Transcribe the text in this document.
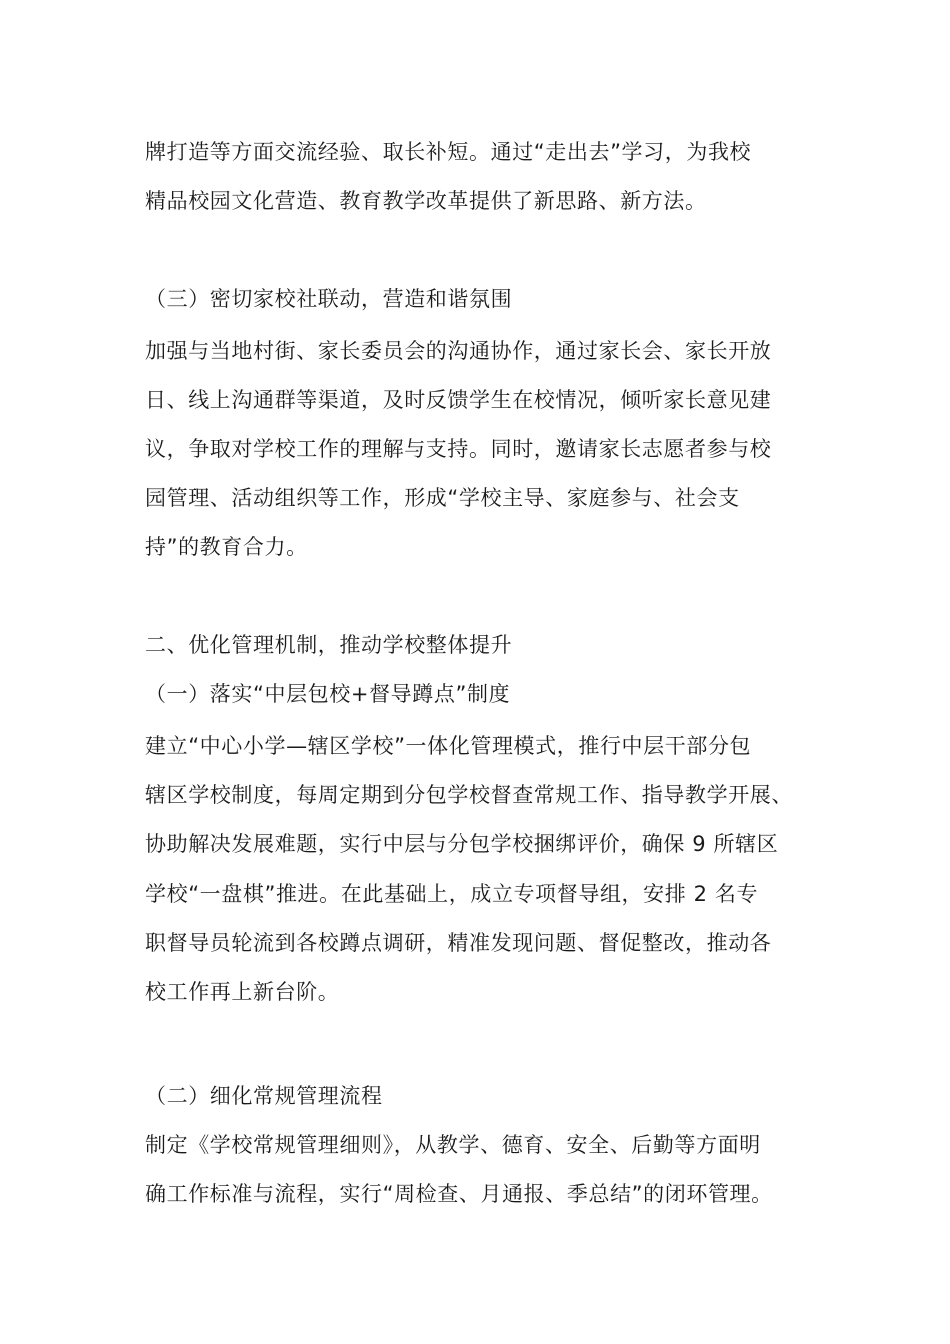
牌打造等方面交流经验、取长补短。通过“走出去”学习，为我校
精品校园文化营造、教育教学改革提供了新思路、新方法。
（三）密切家校社联动，营造和谐氛围
加强与当地村街、家长委员会的沟通协作，通过家长会、家长开放
日、线上沟通群等渠道，及时反馈学生在校情况，倾听家长意见建
议，争取对学校工作的理解与支持。同时，邀请家长志愿者参与校
园管理、活动组织等工作，形成“学校主导、家庭参与、社会支
持”的教育合力。
二、优化管理机制，推动学校整体提升
（一）落实“中层包校+督导蹲点”制度
建立“中心小学—辖区学校”一体化管理模式，推行中层干部分包
辖区学校制度，每周定期到分包学校督查常规工作、指导教学开展、
协助解决发展难题，实行中层与分包学校捆绑评价，确保 9 所辖区
学校“一盘棋”推进。在此基础上，成立专项督导组，安排 2 名专
职督导员轮流到各校蹲点调研，精准发现问题、督促整改，推动各
校工作再上新台阶。
（二）细化常规管理流程
制定《学校常规管理细则》，从教学、德育、安全、后勤等方面明
确工作标准与流程，实行“周检查、月通报、季总结”的闭环管理。
